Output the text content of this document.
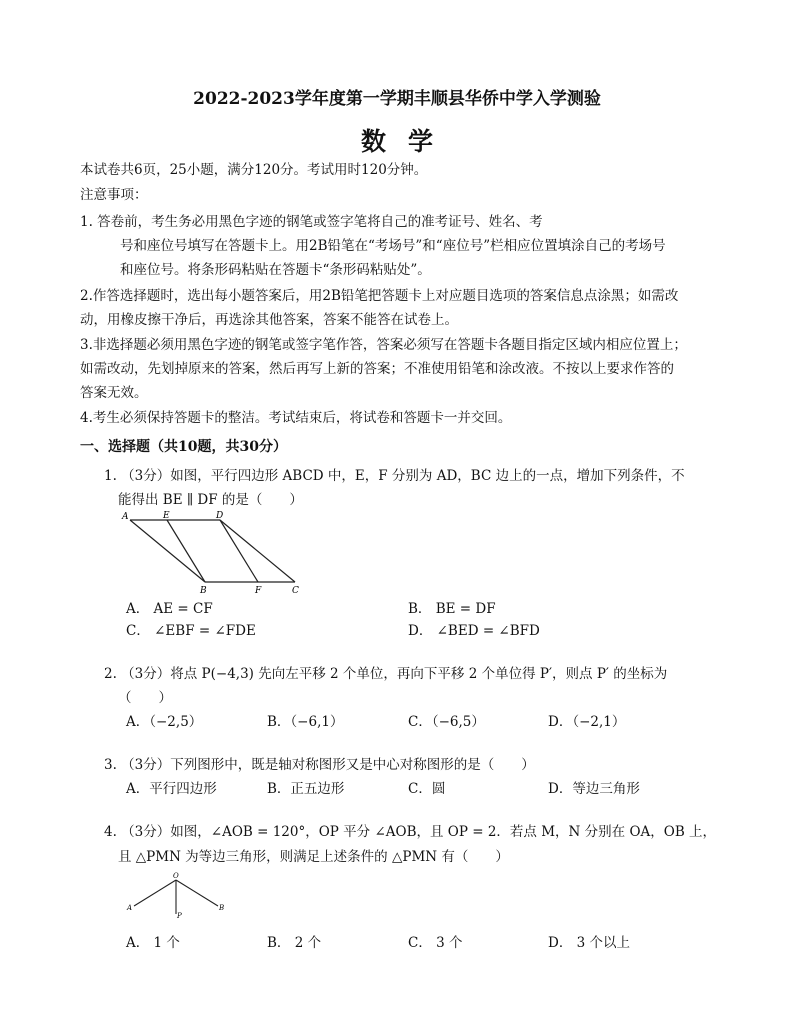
2022-2023学年度第一学期丰顺县华侨中学入学测验
数学
本试卷共6页，25小题，满分120分。考试用时120分钟。
注意事项：
1. 答卷前，考生务必用黑色字迹的钢笔或签字笔将自己的准考证号、姓名、考
号和座位号填写在答题卡上。用2B铅笔在“考场号”和“座位号”栏相应位置填涂自己的考场号
和座位号。将条形码粘贴在答题卡“条形码粘贴处”。
2.作答选择题时，选出每小题答案后，用2B铅笔把答题卡上对应题目选项的答案信息点涂黑；如需改
动，用橡皮擦干净后，再选涂其他答案，答案不能答在试卷上。
3.非选择题必须用黑色字迹的钢笔或签字笔作答，答案必须写在答题卡各题目指定区域内相应位置上；
如需改动，先划掉原来的答案，然后再写上新的答案；不准使用铅笔和涂改液。不按以上要求作答的
答案无效。
4.考生必须保持答题卡的整洁。考试结束后，将试卷和答题卡一并交回。
一、选择题（共10题，共30分）
1. （3分）如图，平行四边形 ABCD 中，E，F 分别为 AD，BC 边上的一点，增加下列条件，不
能得出 BE ∥ DF 的是（　　）
A	E	D
B	F	C
A． AE = CF	B． BE = DF
C． ∠EBF = ∠FDE	D． ∠BED = ∠BFD
2. （3分）将点 P(−4,3) 先向左平移 2 个单位，再向下平移 2 个单位得 P′，则点 P′ 的坐标为
（　　）
A．（−2,5）	B．（−6,1）	C．（−6,5）	D．（−2,1）
3. （3分）下列图形中，既是轴对称图形又是中心对称图形的是（　　）
A．平行四边形	B．正五边形	C．圆	D．等边三角形
4. （3分）如图，∠AOB = 120°，OP 平分 ∠AOB，且 OP = 2．若点 M，N 分别在 OA，OB 上，
且 △PMN 为等边三角形，则满足上述条件的 △PMN 有（　　）
O
A	B
P
A． 1 个	B． 2 个	C． 3 个	D． 3 个以上
